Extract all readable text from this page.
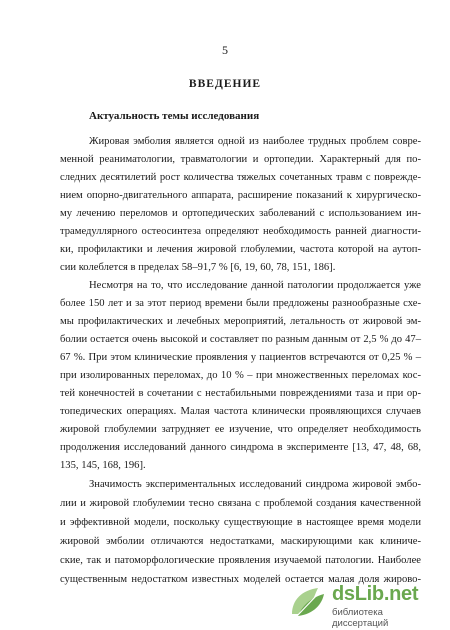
5
ВВЕДЕНИЕ
Актуальность темы исследования
Жировая эмболия является одной из наиболее трудных проблем совре-
менной реаниматологии, травматологии и ортопедии. Характерный для по-
следних десятилетий рост количества тяжелых сочетанных травм с поврежде-
нием опорно-двигательного аппарата, расширение показаний к хирургическо-
му лечению переломов и ортопедических заболеваний с использованием ин-
трамедуллярного остеосинтеза определяют необходимость ранней диагности-
ки, профилактики и лечения жировой глобулемии, частота которой на аутоп-
сии колеблется в пределах 58–91,7 % [6, 19, 60, 78, 151, 186].
Несмотря на то, что исследование данной патологии продолжается уже
более 150 лет и за этот период времени были предложены разнообразные схе-
мы профилактических и лечебных мероприятий, летальность от жировой эм-
болии остается очень высокой и составляет по разным данным от 2,5 % до 47–
67 %. При этом клинические проявления у пациентов встречаются от 0,25 % –
при изолированных переломах, до 10 % – при множественных переломах кос-
тей конечностей в сочетании с нестабильными повреждениями таза и при ор-
топедических операциях. Малая частота клинически проявляющихся случаев
жировой глобулемии затрудняет ее изучение, что определяет необходимость
продолжения исследований данного синдрома в эксперименте [13, 47, 48, 68,
135, 145, 168, 196].
Значимость экспериментальных исследований синдрома жировой эмбо-
лии и жировой глобулемии тесно связана с проблемой создания качественной
и эффективной модели, поскольку существующие в настоящее время модели
жировой эмболии отличаются недостатками, маскирующими как клиниче-
ские, так и патоморфологические проявления изучаемой патологии. Наиболее
существенным недостатком известных моделей остается малая доля жирово-
dsLib.net
библиотека диссертаций
